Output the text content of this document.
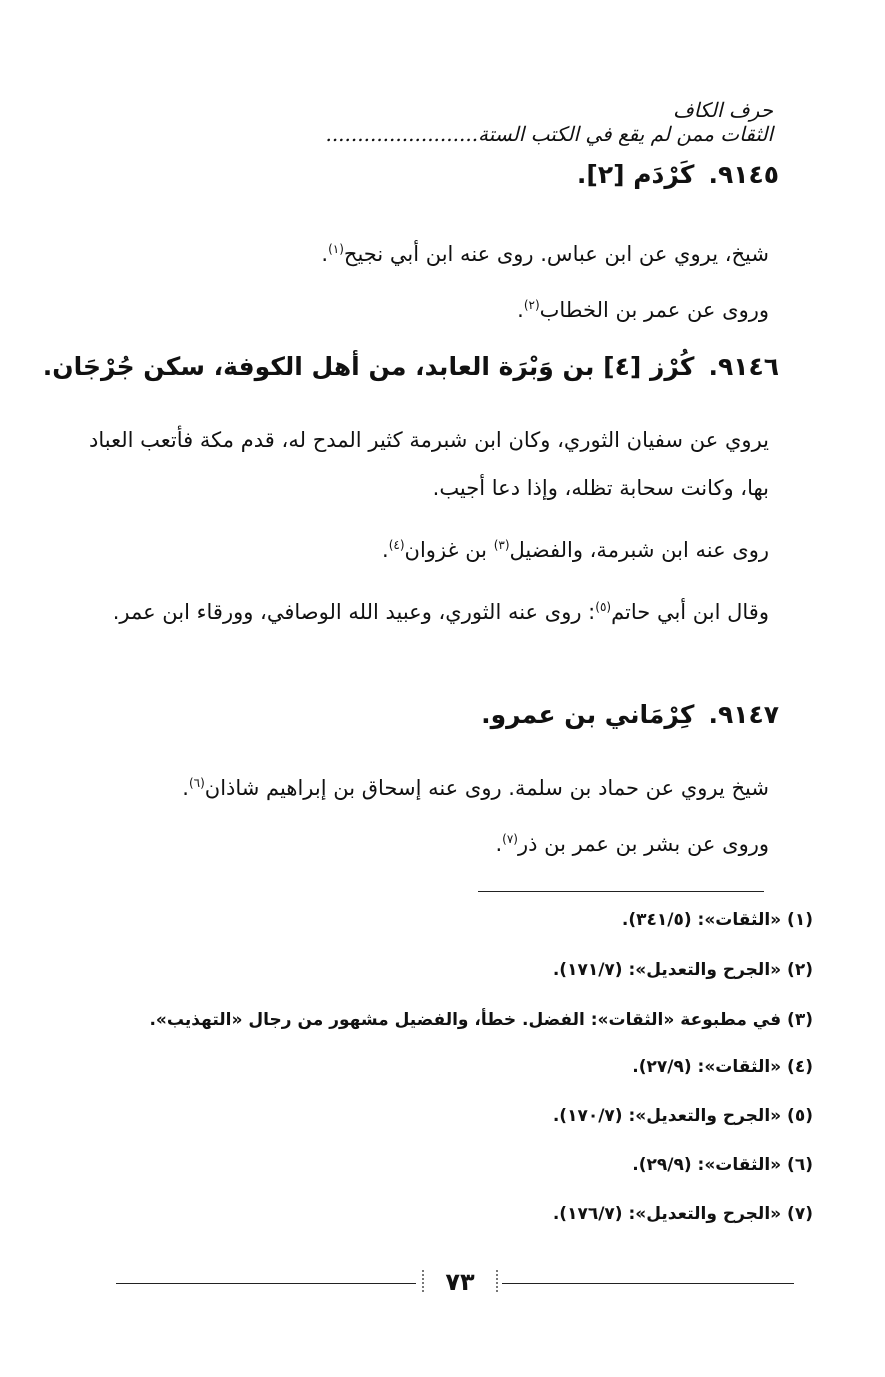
حرف الكاف
الثقات ممن لم يقع في الكتب الستة........................
٩١٤٥.كَرْدَم [٢].
شيخ، يروي عن ابن عباس. روى عنه ابن أبي نجيح$^{(١)}$.
وروى عن عمر بن الخطاب$^{(٢)}$.
٩١٤٦.كُرْز [٤] بن وَبْرَة العابد، من أهل الكوفة، سكن جُرْجَان.
يروي عن سفيان الثوري، وكان ابن شبرمة كثير المدح له، قدم مكة فأتعب العباد بها، وكانت سحابة تظله، وإذا دعا أجيب.
روى عنه ابن شبرمة، والفضيل$^{(٣)}$ بن غزوان$^{(٤)}$.
وقال ابن أبي حاتم$^{(٥)}$: روى عنه الثوري، وعبيد الله الوصافي، وورقاء ابن عمر.
٩١٤٧.كِرْمَاني بن عمرو.
شيخ يروي عن حماد بن سلمة. روى عنه إسحاق بن إبراهيم شاذان$^{(٦)}$.
وروى عن بشر بن عمر بن ذر$^{(٧)}$.
(١) «الثقات»: (٣٤١/٥).
(٢) «الجرح والتعديل»: (١٧١/٧).
(٣) في مطبوعة «الثقات»: الفضل. خطأ، والفضيل مشهور من رجال «التهذيب».
(٤) «الثقات»: (٢٧/٩).
(٥) «الجرح والتعديل»: (١٧٠/٧).
(٦) «الثقات»: (٢٩/٩).
(٧) «الجرح والتعديل»: (١٧٦/٧).
٧٣
